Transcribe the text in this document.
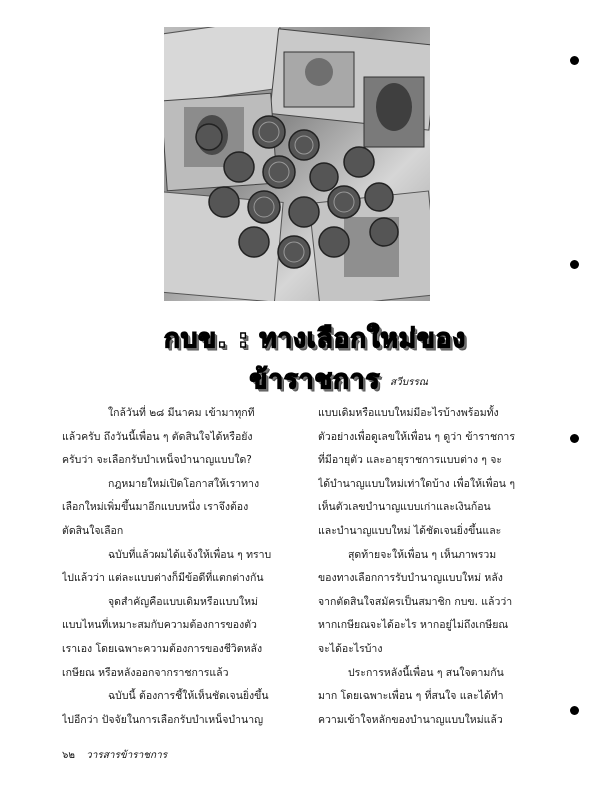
กบข. : ทางเลือกใหม่ของข้าราชการ สวีบรรณ

ใกล้วันที่ ๒๘ มีนาคม เข้ามาทุกที

แล้วครับ ถึงวันนี้เพื่อน ๆ ตัดสินใจได้หรือยัง

ครับว่า จะเลือกรับบำเหน็จบำนาญแบบใด?

กฎหมายใหม่เปิดโอกาสให้เราทาง

เลือกใหม่เพิ่มขึ้นมาอีกแบบหนึ่ง เราจึงต้อง

ตัดสินใจเลือก

ฉบับที่แล้วผมได้แจ้งให้เพื่อน ๆ ทราบ

ไปแล้วว่า แต่ละแบบต่างก็มีข้อดีที่แตกต่างกัน

จุดสำคัญคือแบบเดิมหรือแบบใหม่

แบบไหนที่เหมาะสมกับความต้องการของตัว

เราเอง โดยเฉพาะความต้องการของชีวิตหลัง

เกษียณ หรือหลังออกจากราชการแล้ว

ฉบับนี้ ต้องการชี้ให้เห็นชัดเจนยิ่งขึ้น

ไปอีกว่า ปัจจัยในการเลือกรับบำเหน็จบำนาญ

แบบเดิมหรือแบบใหม่มีอะไรบ้างพร้อมทั้ง

ตัวอย่างเพื่อดูเลขให้เพื่อน ๆ ดูว่า ข้าราชการ

ที่มีอายุตัว และอายุราชการแบบต่าง ๆ จะ

ได้บำนาญแบบใหม่เท่าใดบ้าง เพื่อให้เพื่อน ๆ

เห็นตัวเลขบำนาญแบบเก่าและเงินก้อน

และบำนาญแบบใหม่ ได้ชัดเจนยิ่งขึ้นและ

สุดท้ายจะให้เพื่อน ๆ เห็นภาพรวม

ของทางเลือกการรับบำนาญแบบใหม่ หลัง

จากตัดสินใจสมัครเป็นสมาชิก กบข. แล้วว่า

หากเกษียณจะได้อะไร หากอยู่ไม่ถึงเกษียณ

จะได้อะไรบ้าง

ประการหลังนี้เพื่อน ๆ สนใจตามกัน

มาก โดยเฉพาะเพื่อน ๆ ที่สนใจ และได้ทำ

ความเข้าใจหลักของบำนาญแบบใหม่แล้ว

๖๒ วารสารข้าราชการ
